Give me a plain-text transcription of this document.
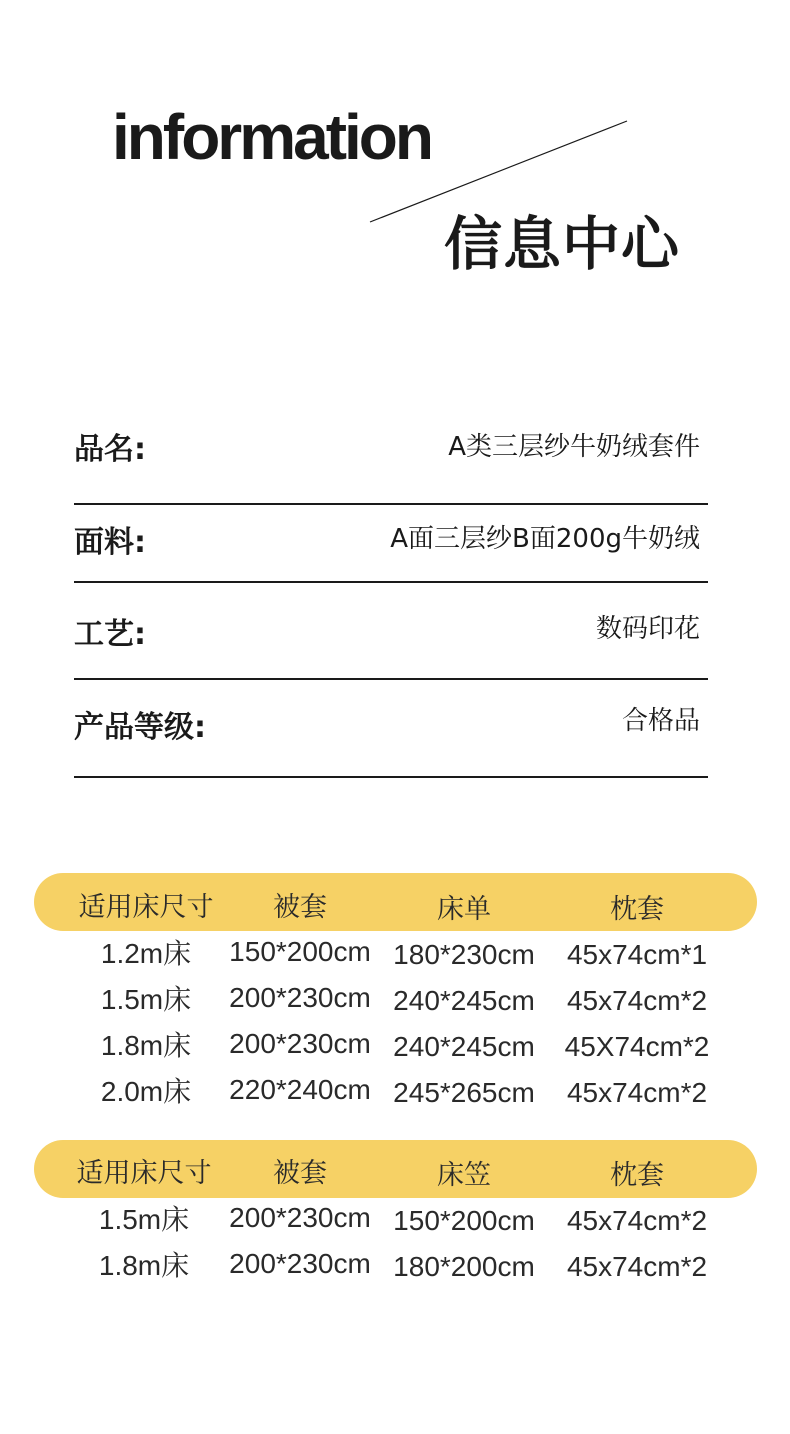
information
信息中心
品名:	A类三层纱牛奶绒套件
面料:	A面三层纱B面200g牛奶绒
工艺:	数码印花
产品等级:	合格品
适用床尺寸 被套	床单	枕套
1.2m床 150*200cm 180*230cm 45x74cm*1
1.5m床 200*230cm 240*245cm 45x74cm*2
1.8m床 200*230cm 240*245cm 45X74cm*2
2.0m床 220*240cm 245*265cm 45x74cm*2
适用床尺寸 被套	床笠	枕套
1.5m床 200*230cm 150*200cm 45x74cm*2
1.8m床 200*230cm 180*200cm 45x74cm*2
